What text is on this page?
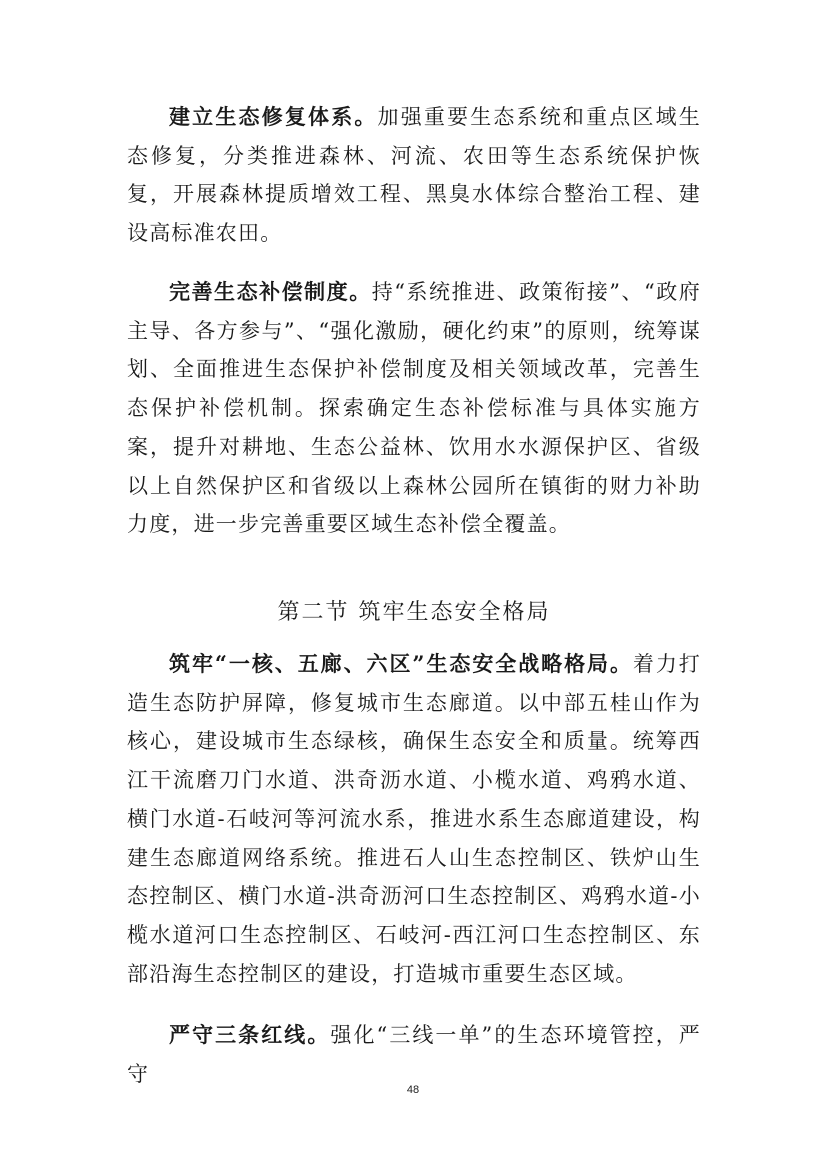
建立生态修复体系。加强重要生态系统和重点区域生态修复，分类推进森林、河流、农田等生态系统保护恢复，开展森林提质增效工程、黑臭水体综合整治工程、建设高标准农田。

完善生态补偿制度。持“系统推进、政策衔接”、“政府主导、各方参与”、“强化激励，硬化约束”的原则，统筹谋划、全面推进生态保护补偿制度及相关领域改革，完善生态保护补偿机制。探索确定生态补偿标准与具体实施方案，提升对耕地、生态公益林、饮用水水源保护区、省级以上自然保护区和省级以上森林公园所在镇街的财力补助力度，进一步完善重要区域生态补偿全覆盖。

第二节 筑牢生态安全格局

筑牢“一核、五廊、六区”生态安全战略格局。着力打造生态防护屏障，修复城市生态廊道。以中部五桂山作为核心，建设城市生态绿核，确保生态安全和质量。统筹西江干流磨刀门水道、洪奇沥水道、小榄水道、鸡鸦水道、横门水道-石岐河等河流水系，推进水系生态廊道建设，构建生态廊道网络系统。推进石人山生态控制区、铁炉山生态控制区、横门水道-洪奇沥河口生态控制区、鸡鸦水道-小榄水道河口生态控制区、石岐河-西江河口生态控制区、东部沿海生态控制区的建设，打造城市重要生态区域。

严守三条红线。强化“三线一单”的生态环境管控，严守

48
